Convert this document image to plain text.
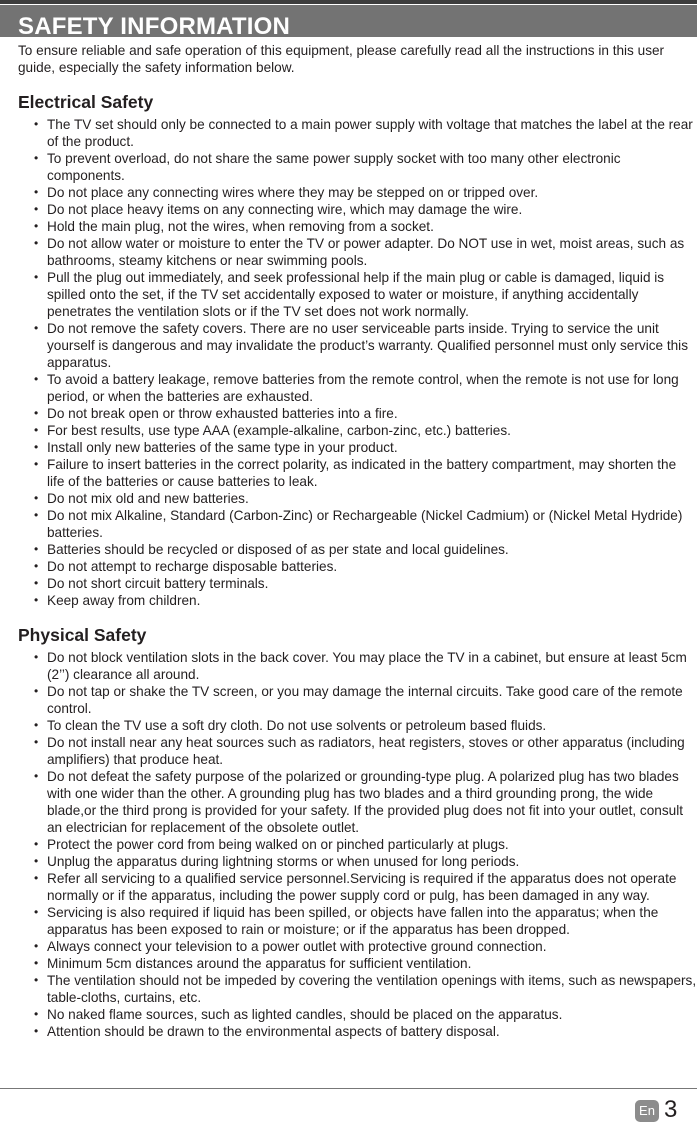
SAFETY INFORMATION

To ensure reliable and safe operation of this equipment, please carefully read all the instructions in this user guide, especially the safety information below.

Electrical Safety
• The TV set should only be connected to a main power supply with voltage that matches the label at the rear of the product.
• To prevent overload, do not share the same power supply socket with too many other electronic components.
• Do not place any connecting wires where they may be stepped on or tripped over.
• Do not place heavy items on any connecting wire, which may damage the wire.
• Hold the main plug, not the wires, when removing from a socket.
• Do not allow water or moisture to enter the TV or power adapter. Do NOT use in wet, moist areas, such as bathrooms, steamy kitchens or near swimming pools.
• Pull the plug out immediately, and seek professional help if the main plug or cable is damaged, liquid is spilled onto the set, if the TV set accidentally exposed to water or moisture, if anything accidentally penetrates the ventilation slots or if the TV set does not work normally.
• Do not remove the safety covers. There are no user serviceable parts inside. Trying to service the unit yourself is dangerous and may invalidate the product’s warranty. Qualified personnel must only service this apparatus.
• To avoid a battery leakage, remove batteries from the remote control, when the remote is not use for long period, or when the batteries are exhausted.
• Do not break open or throw exhausted batteries into a fire.
• For best results, use type AAA (example-alkaline, carbon-zinc, etc.) batteries.
• Install only new batteries of the same type in your product.
• Failure to insert batteries in the correct polarity, as indicated in the battery compartment, may shorten the life of the batteries or cause batteries to leak.
• Do not mix old and new batteries.
• Do not mix Alkaline, Standard (Carbon-Zinc) or Rechargeable (Nickel Cadmium) or (Nickel Metal Hydride) batteries.
• Batteries should be recycled or disposed of as per state and local guidelines.
• Do not attempt to recharge disposable batteries.
• Do not short circuit battery terminals.
• Keep away from children.
Physical Safety
• Do not block ventilation slots in the back cover. You may place the TV in a cabinet, but ensure at least 5cm (2’’) clearance all around.
• Do not tap or shake the TV screen, or you may damage the internal circuits. Take good care of the remote control.
• To clean the TV use a soft dry cloth. Do not use solvents or petroleum based fluids.
• Do not install near any heat sources such as radiators, heat registers, stoves or other apparatus (including amplifiers) that produce heat.
• Do not defeat the safety purpose of the polarized or grounding-type plug. A polarized plug has two blades with one wider than the other. A grounding plug has two blades and a third grounding prong, the wide blade,or the third prong is provided for your safety. If the provided plug does not fit into your outlet, consult an electrician for replacement of the obsolete outlet.
• Protect the power cord from being walked on or pinched particularly at plugs.
• Unplug the apparatus during lightning storms or when unused for long periods.
• Refer all servicing to a qualified service personnel.Servicing is required if the apparatus does not operate normally or if the apparatus, including the power supply cord or pulg, has been damaged in any way.
• Servicing is also required if liquid has been spilled, or objects have fallen into the apparatus; when the apparatus has been exposed to rain or moisture; or if the apparatus has been dropped.
• Always connect your television to a power outlet with protective ground connection.
• Minimum 5cm distances around the apparatus for sufficient ventilation.
• The ventilation should not be impeded by covering the ventilation openings with items, such as newspapers, table-cloths, curtains, etc.
• No naked flame sources, such as lighted candles, should be placed on the apparatus.
• Attention should be drawn to the environmental aspects of battery disposal.
En 3
